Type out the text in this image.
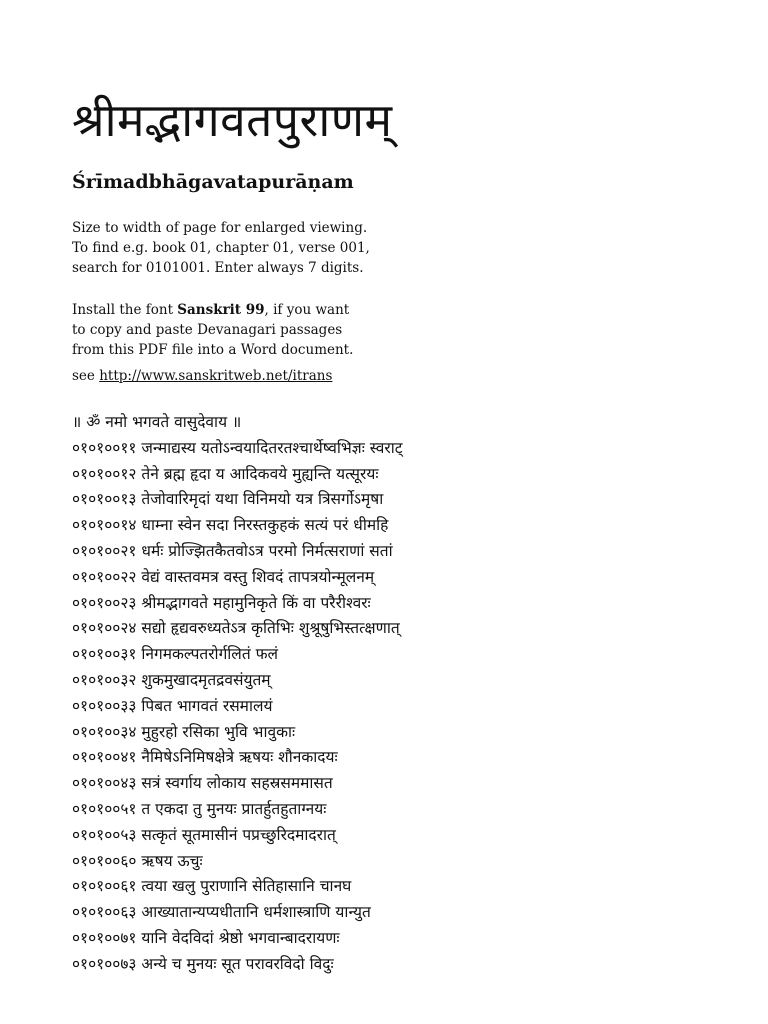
श्रीमद्भागवतपुराणम्
Śrīmadbhāgavatapurāṇam
Size to width of page for enlarged viewing.
To find e.g. book 01, chapter 01, verse 001,
search for 0101001. Enter always 7 digits.
Install the font Sanskrit 99, if you want
to copy and paste Devanagari passages
from this PDF file into a Word document.
see http://www.sanskritweb.net/itrans
॥ ॐ नमो भगवते वासुदेवाय ॥
०१०१००११ जन्माद्यस्य यतोऽन्वयादितरतश्चार्थेष्वभिज्ञः स्वराट्
०१०१००१२ तेने ब्रह्म हृदा य आदिकवये मुह्यन्ति यत्सूरयः
०१०१००१३ तेजोवारिमृदां यथा विनिमयो यत्र त्रिसर्गोऽमृषा
०१०१००१४ धाम्ना स्वेन सदा निरस्तकुहकं सत्यं परं धीमहि
०१०१००२१ धर्मः प्रोज्झितकैतवोऽत्र परमो निर्मत्सराणां सतां
०१०१००२२ वेद्यं वास्तवमत्र वस्तु शिवदं तापत्रयोन्मूलनम्
०१०१००२३ श्रीमद्भागवते महामुनिकृते किं वा परैरीश्वरः
०१०१००२४ सद्यो हृद्यवरुध्यतेऽत्र कृतिभिः शुश्रूषुभिस्तत्क्षणात्
०१०१००३१ निगमकल्पतरोर्गलितं फलं
०१०१००३२ शुकमुखादमृतद्रवसंयुतम्
०१०१००३३ पिबत भागवतं रसमालयं
०१०१००३४ मुहुरहो रसिका भुवि भावुकाः
०१०१००४१ नैमिषेऽनिमिषक्षेत्रे ऋषयः शौनकादयः
०१०१००४३ सत्रं स्वर्गाय लोकाय सहस्रसममासत
०१०१००५१ त एकदा तु मुनयः प्रातर्हुतहुताग्नयः
०१०१००५३ सत्कृतं सूतमासीनं पप्रच्छुरिदमादरात्
०१०१००६० ऋषय ऊचुः
०१०१००६१ त्वया खलु पुराणानि सेतिहासानि चानघ
०१०१००६३ आख्यातान्यप्यधीतानि धर्मशास्त्राणि यान्युत
०१०१००७१ यानि वेदविदां श्रेष्ठो भगवान्बादरायणः
०१०१००७३ अन्ये च मुनयः सूत परावरविदो विदुः
